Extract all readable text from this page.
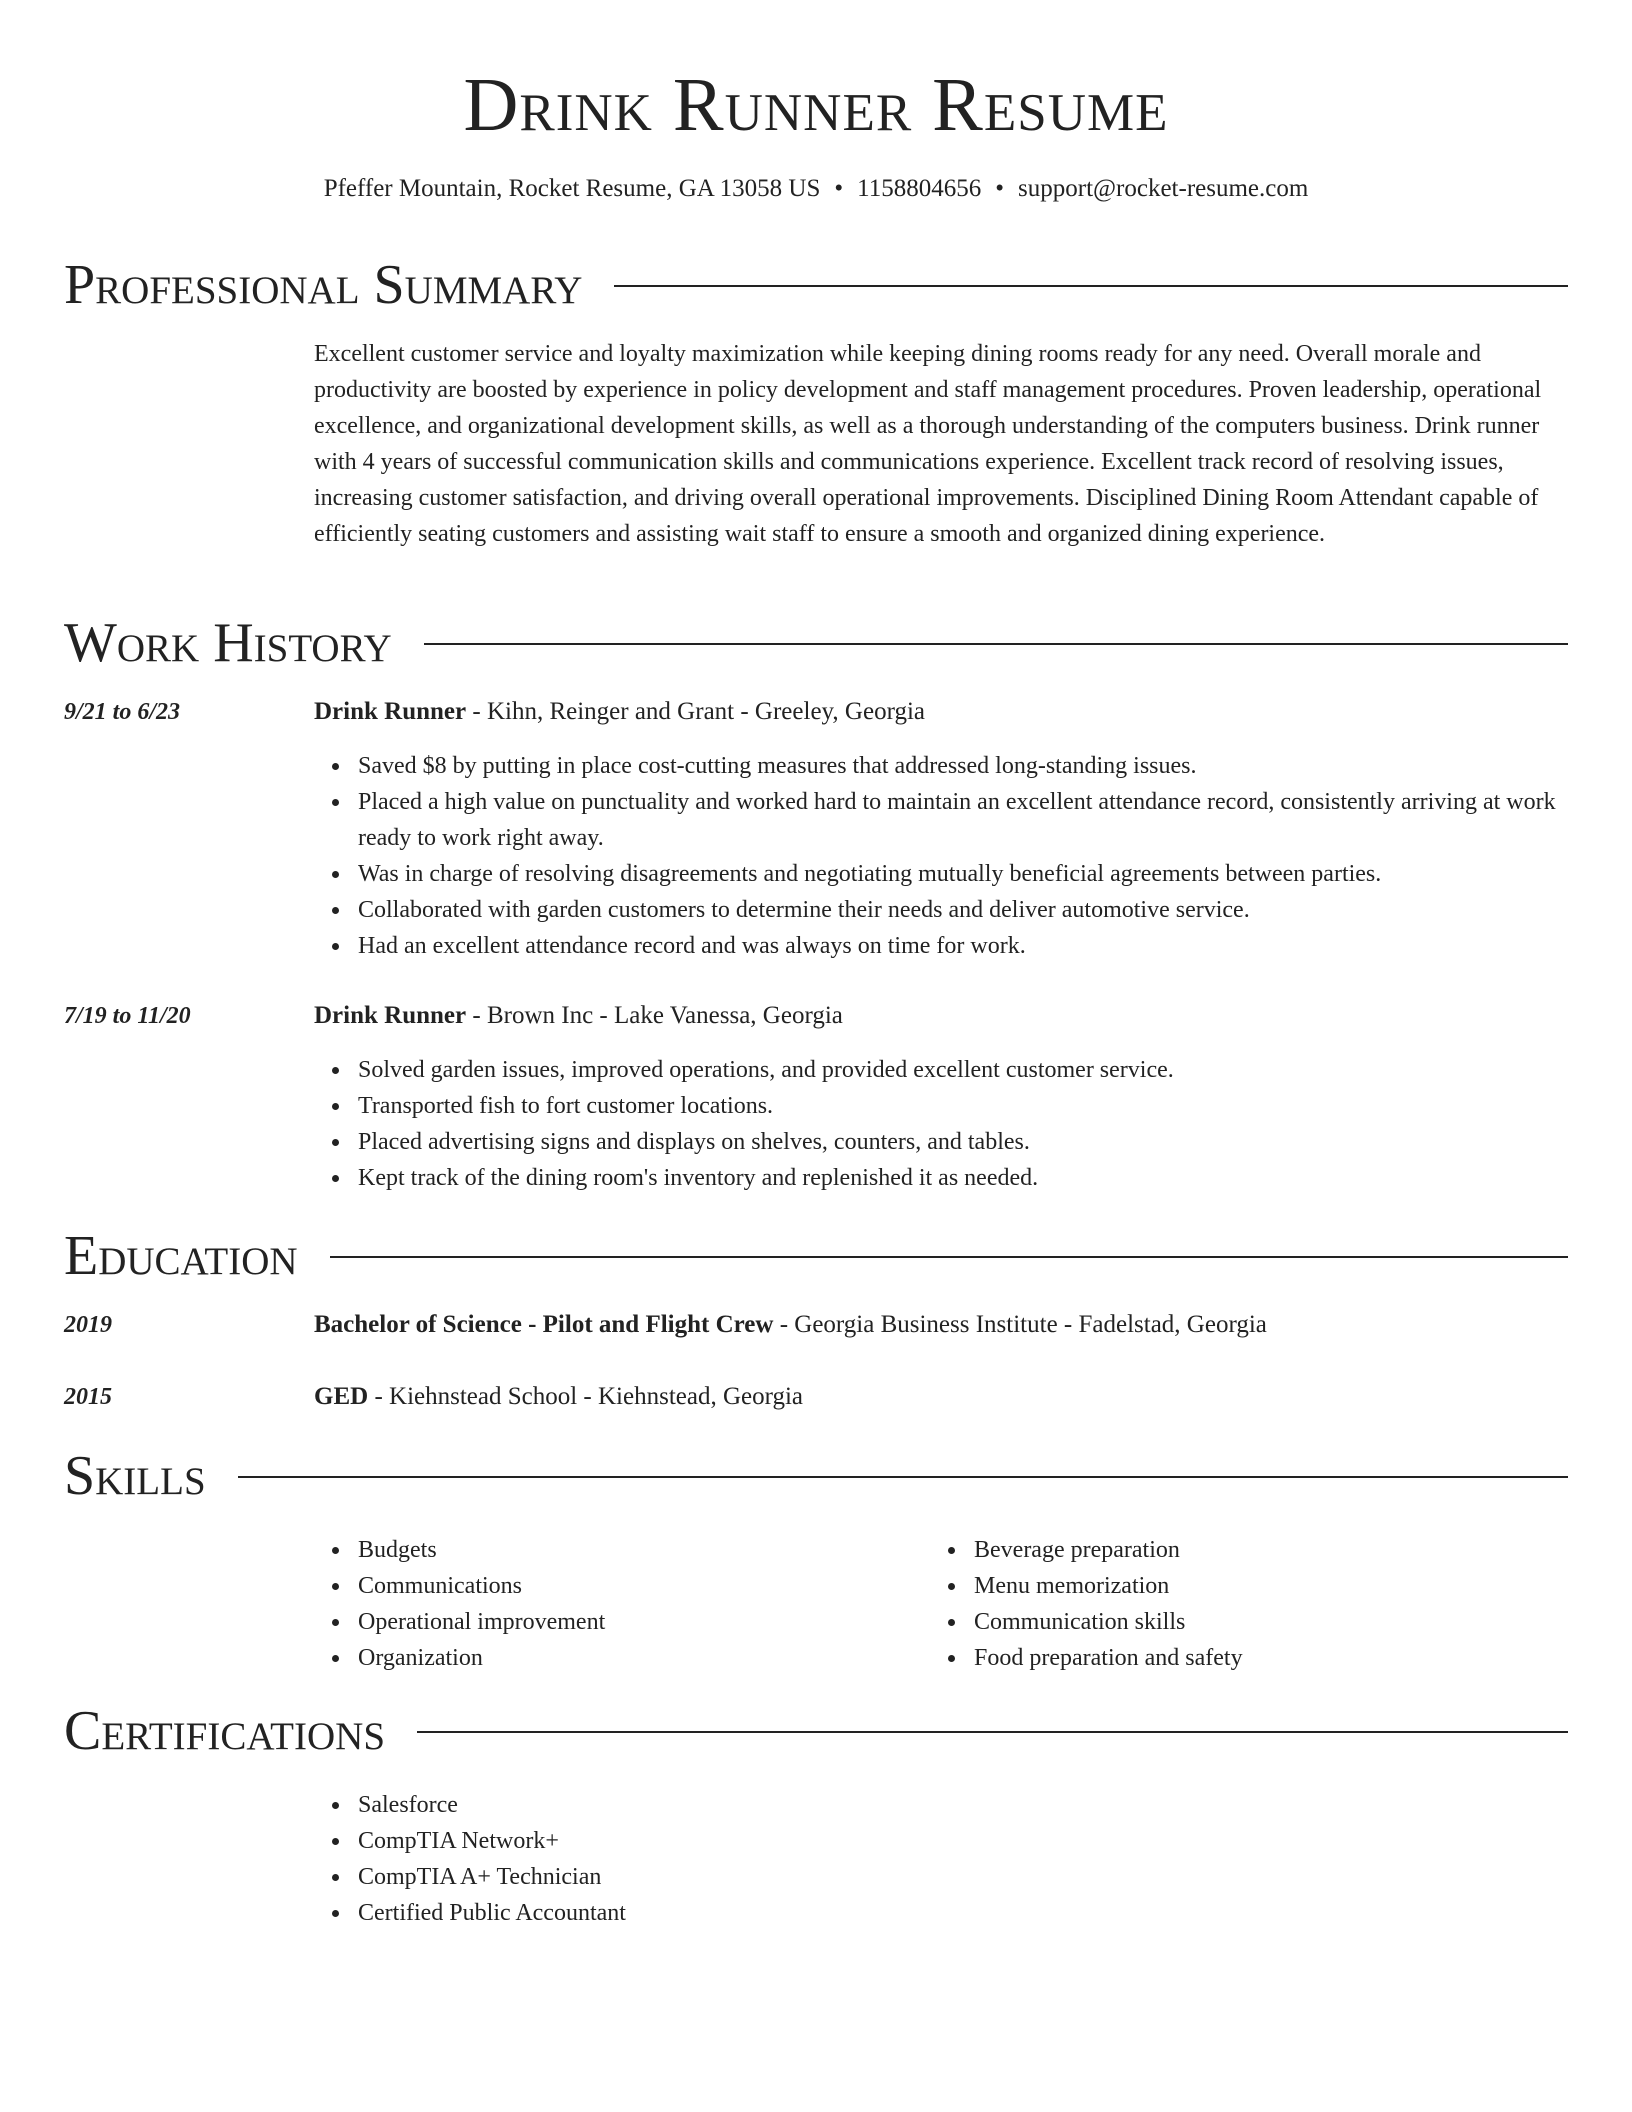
Drink Runner Resume
Pfeffer Mountain, Rocket Resume, GA 13058 US • 1158804656 • support@rocket-resume.com
Professional Summary
Excellent customer service and loyalty maximization while keeping dining rooms ready for any need. Overall morale and productivity are boosted by experience in policy development and staff management procedures. Proven leadership, operational excellence, and organizational development skills, as well as a thorough understanding of the computers business. Drink runner with 4 years of successful communication skills and communications experience. Excellent track record of resolving issues, increasing customer satisfaction, and driving overall operational improvements. Disciplined Dining Room Attendant capable of efficiently seating customers and assisting wait staff to ensure a smooth and organized dining experience.
Work History
9/21 to 6/23	Drink Runner - Kihn, Reinger and Grant - Greeley, Georgia
Saved $8 by putting in place cost-cutting measures that addressed long-standing issues.
Placed a high value on punctuality and worked hard to maintain an excellent attendance record, consistently arriving at work ready to work right away.
Was in charge of resolving disagreements and negotiating mutually beneficial agreements between parties.
Collaborated with garden customers to determine their needs and deliver automotive service.
Had an excellent attendance record and was always on time for work.
7/19 to 11/20	Drink Runner - Brown Inc - Lake Vanessa, Georgia
Solved garden issues, improved operations, and provided excellent customer service.
Transported fish to fort customer locations.
Placed advertising signs and displays on shelves, counters, and tables.
Kept track of the dining room's inventory and replenished it as needed.
Education
2019	Bachelor of Science - Pilot and Flight Crew - Georgia Business Institute - Fadelstad, Georgia
2015	GED - Kiehnstead School - Kiehnstead, Georgia
Skills
Budgets
Communications
Operational improvement
Organization
Beverage preparation
Menu memorization
Communication skills
Food preparation and safety
Certifications
Salesforce
CompTIA Network+
CompTIA A+ Technician
Certified Public Accountant
